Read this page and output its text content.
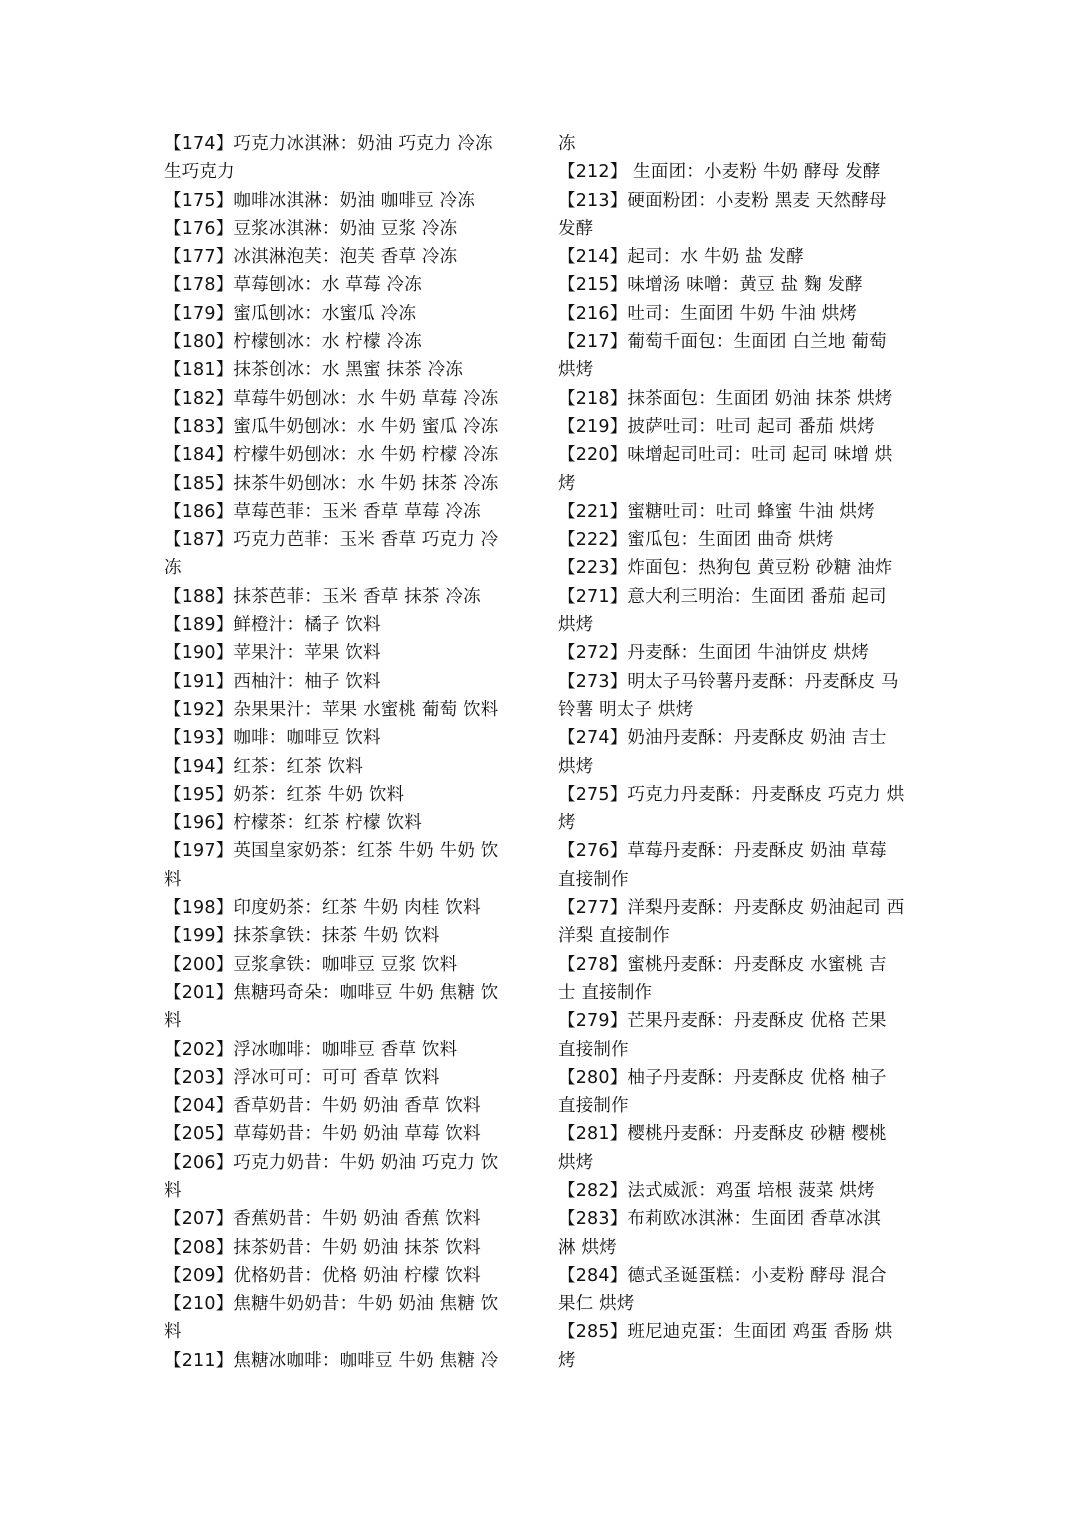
【174】巧克力冰淇淋：奶油 巧克力 冷冻
生巧克力
【175】咖啡冰淇淋：奶油 咖啡豆 冷冻
【176】豆浆冰淇淋：奶油 豆浆 冷冻
【177】冰淇淋泡芙：泡芙 香草 冷冻
【178】草莓刨冰：水 草莓 冷冻
【179】蜜瓜刨冰：水蜜瓜 冷冻
【180】柠檬刨冰：水 柠檬 冷冻
【181】抹茶创冰：水 黑蜜 抹茶 冷冻
【182】草莓牛奶刨冰：水 牛奶 草莓 冷冻
【183】蜜瓜牛奶刨冰：水 牛奶 蜜瓜 冷冻
【184】柠檬牛奶刨冰：水 牛奶 柠檬 冷冻
【185】抹茶牛奶刨冰：水 牛奶 抹茶 冷冻
【186】草莓芭菲：玉米 香草 草莓 冷冻
【187】巧克力芭菲：玉米 香草 巧克力 冷
冻
【188】抹茶芭菲：玉米 香草 抹茶 冷冻
【189】鲜橙汁：橘子 饮料
【190】苹果汁：苹果 饮料
【191】西柚汁：柚子 饮料
【192】杂果果汁：苹果 水蜜桃 葡萄 饮料
【193】咖啡：咖啡豆 饮料
【194】红茶：红茶 饮料
【195】奶茶：红茶 牛奶 饮料
【196】柠檬茶：红茶 柠檬 饮料
【197】英国皇家奶茶：红茶 牛奶 牛奶 饮
料
【198】印度奶茶：红茶 牛奶 肉桂 饮料
【199】抹茶拿铁：抹茶 牛奶 饮料
【200】豆浆拿铁：咖啡豆 豆浆 饮料
【201】焦糖玛奇朵：咖啡豆 牛奶 焦糖 饮
料
【202】浮冰咖啡：咖啡豆 香草 饮料
【203】浮冰可可：可可 香草 饮料
【204】香草奶昔：牛奶 奶油 香草 饮料
【205】草莓奶昔：牛奶 奶油 草莓 饮料
【206】巧克力奶昔：牛奶 奶油 巧克力 饮
料
【207】香蕉奶昔：牛奶 奶油 香蕉 饮料
【208】抹茶奶昔：牛奶 奶油 抹茶 饮料
【209】优格奶昔：优格 奶油 柠檬 饮料
【210】焦糖牛奶奶昔：牛奶 奶油 焦糖 饮
料
【211】焦糖冰咖啡：咖啡豆 牛奶 焦糖 冷
冻
【212】 生面团：小麦粉 牛奶 酵母 发酵
【213】硬面粉团：小麦粉 黑麦 天然酵母
发酵
【214】起司：水 牛奶 盐 发酵
【215】味增汤 味噌：黄豆 盐 麴 发酵
【216】吐司：生面团 牛奶 牛油 烘烤
【217】葡萄千面包：生面团 白兰地 葡萄
烘烤
【218】抹茶面包：生面团 奶油 抹茶 烘烤
【219】披萨吐司：吐司 起司 番茄 烘烤
【220】味增起司吐司：吐司 起司 味增 烘
烤
【221】蜜糖吐司：吐司 蜂蜜 牛油 烘烤
【222】蜜瓜包：生面团 曲奇 烘烤
【223】炸面包：热狗包 黄豆粉 砂糖 油炸
【271】意大利三明治：生面团 番茄 起司
烘烤
【272】丹麦酥：生面团 牛油饼皮 烘烤
【273】明太子马铃薯丹麦酥：丹麦酥皮 马
铃薯 明太子 烘烤
【274】奶油丹麦酥：丹麦酥皮 奶油 吉士
烘烤
【275】巧克力丹麦酥：丹麦酥皮 巧克力 烘
烤
【276】草莓丹麦酥：丹麦酥皮 奶油 草莓
直接制作
【277】洋梨丹麦酥：丹麦酥皮 奶油起司 西
洋梨 直接制作
【278】蜜桃丹麦酥：丹麦酥皮 水蜜桃 吉
士 直接制作
【279】芒果丹麦酥：丹麦酥皮 优格 芒果
直接制作
【280】柚子丹麦酥：丹麦酥皮 优格 柚子
直接制作
【281】樱桃丹麦酥：丹麦酥皮 砂糖 樱桃
烘烤
【282】法式威派：鸡蛋 培根 菠菜 烘烤
【283】布莉欧冰淇淋：生面团 香草冰淇
淋 烘烤
【284】德式圣诞蛋糕：小麦粉 酵母 混合
果仁 烘烤
【285】班尼迪克蛋：生面团 鸡蛋 香肠 烘
烤
